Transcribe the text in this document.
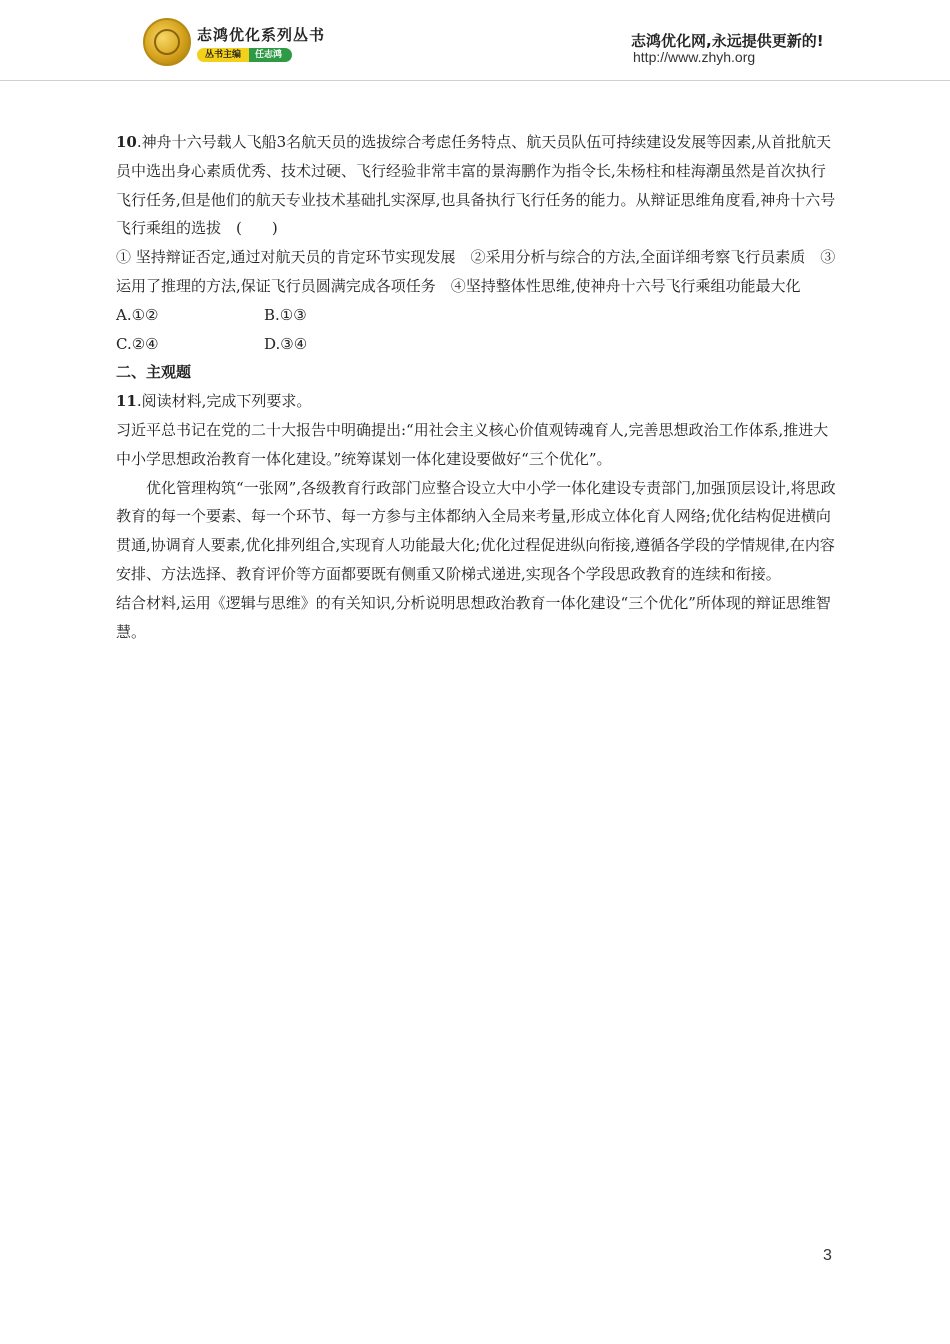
志鸿优化系列丛书
丛书主编	任志鸿
志鸿优化网,永远提供更新的!
http://www.zhyh.org

10.神舟十六号载人飞船3名航天员的选拔综合考虑任务特点、航天员队伍可持续建设发展等因素,从首批航天员中选出身心素质优秀、技术过硬、飞行经验非常丰富的景海鹏作为指令长,朱杨柱和桂海潮虽然是首次执行飞行任务,但是他们的航天专业技术基础扎实深厚,也具备执行飞行任务的能力。从辩证思维角度看,神舟十六号飞行乘组的选拔　(　　)

① 坚持辩证否定,通过对航天员的肯定环节实现发展　②采用分析与综合的方法,全面详细考察飞行员素质　③运用了推理的方法,保证飞行员圆满完成各项任务　④坚持整体性思维,使神舟十六号飞行乘组功能最大化

A.①②	B.①③
C.②④	D.③④

二、主观题

11.阅读材料,完成下列要求。

习近平总书记在党的二十大报告中明确提出:“用社会主义核心价值观铸魂育人,完善思想政治工作体系,推进大中小学思想政治教育一体化建设。”统筹谋划一体化建设要做好“三个优化”。

优化管理构筑“一张网”,各级教育行政部门应整合设立大中小学一体化建设专责部门,加强顶层设计,将思政教育的每一个要素、每一个环节、每一方参与主体都纳入全局来考量,形成立体化育人网络;优化结构促进横向贯通,协调育人要素,优化排列组合,实现育人功能最大化;优化过程促进纵向衔接,遵循各学段的学情规律,在内容安排、方法选择、教育评价等方面都要既有侧重又阶梯式递进,实现各个学段思政教育的连续和衔接。

结合材料,运用《逻辑与思维》的有关知识,分析说明思想政治教育一体化建设“三个优化”所体现的辩证思维智慧。

3
